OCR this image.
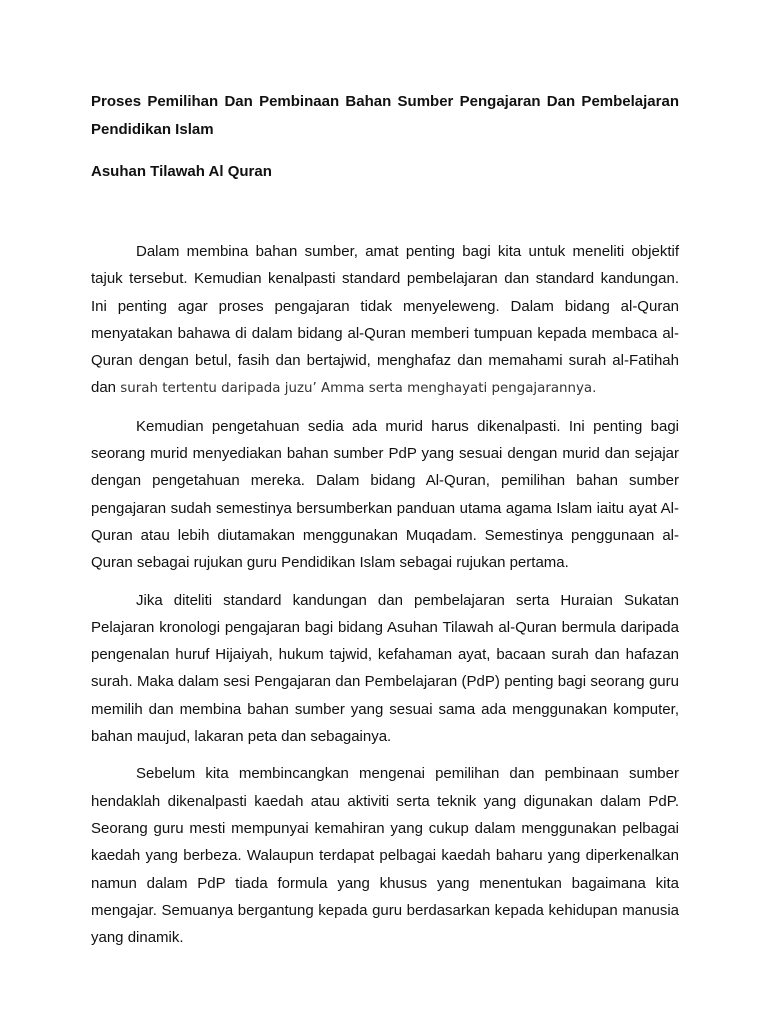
Proses Pemilihan Dan Pembinaan Bahan Sumber Pengajaran Dan Pembelajaran Pendidikan Islam

Asuhan Tilawah Al Quran

Dalam membina bahan sumber, amat penting bagi kita untuk meneliti objektif tajuk tersebut. Kemudian kenalpasti standard pembelajaran dan standard kandungan. Ini penting agar proses pengajaran tidak menyeleweng. Dalam bidang al-Quran menyatakan bahawa di dalam bidang al-Quran memberi tumpuan kepada membaca al-Quran dengan betul, fasih dan bertajwid, menghafaz dan memahami surah al-Fatihah dan surah tertentu daripada juzu’ Amma serta menghayati pengajarannya.

Kemudian pengetahuan sedia ada murid harus dikenalpasti. Ini penting bagi seorang murid menyediakan bahan sumber PdP yang sesuai dengan murid dan sejajar dengan pengetahuan mereka. Dalam bidang Al-Quran, pemilihan bahan sumber pengajaran sudah semestinya bersumberkan panduan utama agama Islam iaitu ayat Al-Quran atau lebih diutamakan menggunakan Muqadam. Semestinya penggunaan al-Quran sebagai rujukan guru Pendidikan Islam sebagai rujukan pertama.

Jika diteliti standard kandungan dan pembelajaran serta Huraian Sukatan Pelajaran kronologi pengajaran bagi bidang Asuhan Tilawah al-Quran bermula daripada pengenalan huruf Hijaiyah, hukum tajwid, kefahaman ayat, bacaan surah dan hafazan surah. Maka dalam sesi Pengajaran dan Pembelajaran (PdP) penting bagi seorang guru memilih dan membina bahan sumber yang sesuai sama ada menggunakan komputer, bahan maujud, lakaran peta dan sebagainya.

Sebelum kita membincangkan mengenai pemilihan dan pembinaan sumber hendaklah dikenalpasti kaedah atau aktiviti serta teknik yang digunakan dalam PdP. Seorang guru mesti mempunyai kemahiran yang cukup dalam menggunakan pelbagai kaedah yang berbeza. Walaupun terdapat pelbagai kaedah baharu yang diperkenalkan namun dalam PdP tiada formula yang khusus yang menentukan bagaimana kita mengajar. Semuanya bergantung kepada guru berdasarkan kepada kehidupan manusia yang dinamik.
